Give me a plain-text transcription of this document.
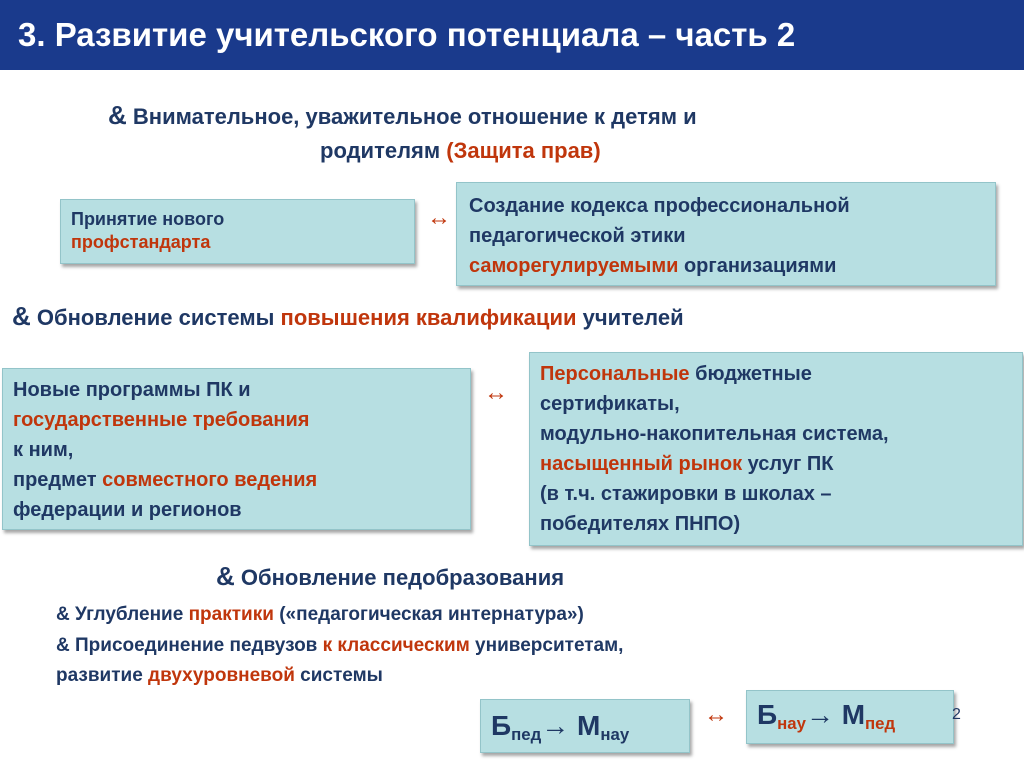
3. Развитие учительского потенциала – часть 2
& Внимательное, уважительное отношение к детям и
родителям (Защита прав)
Принятие нового
профстандарта
↔ Создание кодекса профессиональной
педагогической этики
саморегулируемыми организациями
& Обновление системы повышения квалификации учителей
Новые программы ПК и
государственные требования
к ним,
предмет совместного ведения
федерации и регионов
↔
Персональные бюджетные
сертификаты,
модульно-накопительная система,
насыщенный рынок услуг ПК
(в т.ч. стажировки в школах –
победителях ПНПО)
& Обновление педобразования
& Углубление практики («педагогическая интернатура»)
& Присоединение педвузов к классическим университетам,
развитие двухуровневой системы
$Б_{пед}\to М_{нау}$
↔	$Б_{нау}\to М_{пед}$	2
